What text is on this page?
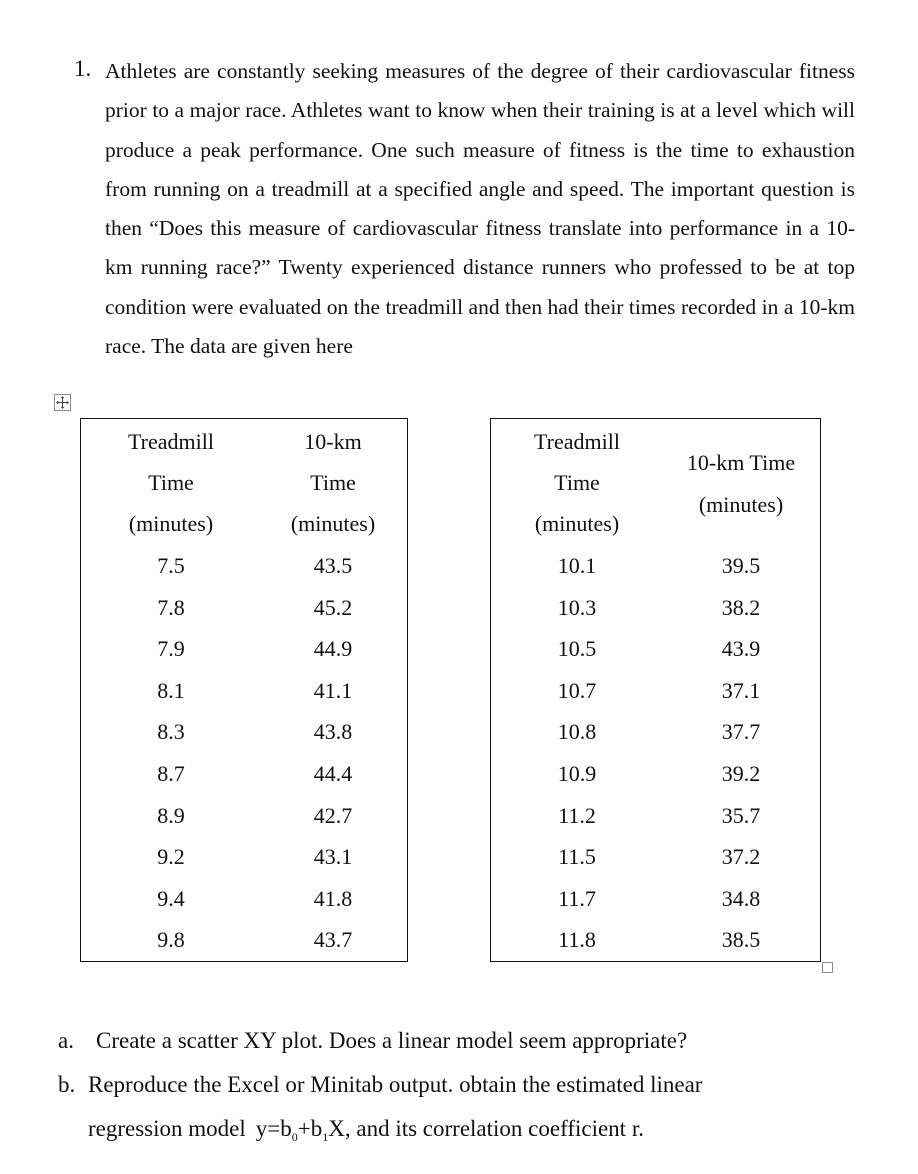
1. Athletes are constantly seeking measures of the degree of their cardiovascular fitness prior to a major race. Athletes want to know when their training is at a level which will produce a peak performance. One such measure of fitness is the time to exhaustion from running on a treadmill at a specified angle and speed. The important question is then “Does this measure of cardiovascular fitness translate into performance in a 10-km running race?” Twenty experienced distance runners who professed to be at top condition were evaluated on the treadmill and then had their times recorded in a 10-km race. The data are given here

Treadmill
Time
(minutes)
10-km
Time
(minutes)
7.5
7.8
7.9
8.1
8.3
8.7
8.9
9.2
9.4
9.8
43.5
45.2
44.9
41.1
43.8
44.4
42.7
43.1
41.8
43.7
Treadmill
Time
(minutes)
10-km Time
(minutes)
10.1
10.3
10.5
10.7
10.8
10.9
11.2
11.5
11.7
11.8
39.5
38.2
43.9
37.1
37.7
39.2
35.7
37.2
34.8
38.5

a. Create a scatter XY plot. Does a linear model seem appropriate?

b. Reproduce the Excel or Minitab output. obtain the estimated linear

regression model $y=b_0+b_1X$, and its correlation coefficient r.
